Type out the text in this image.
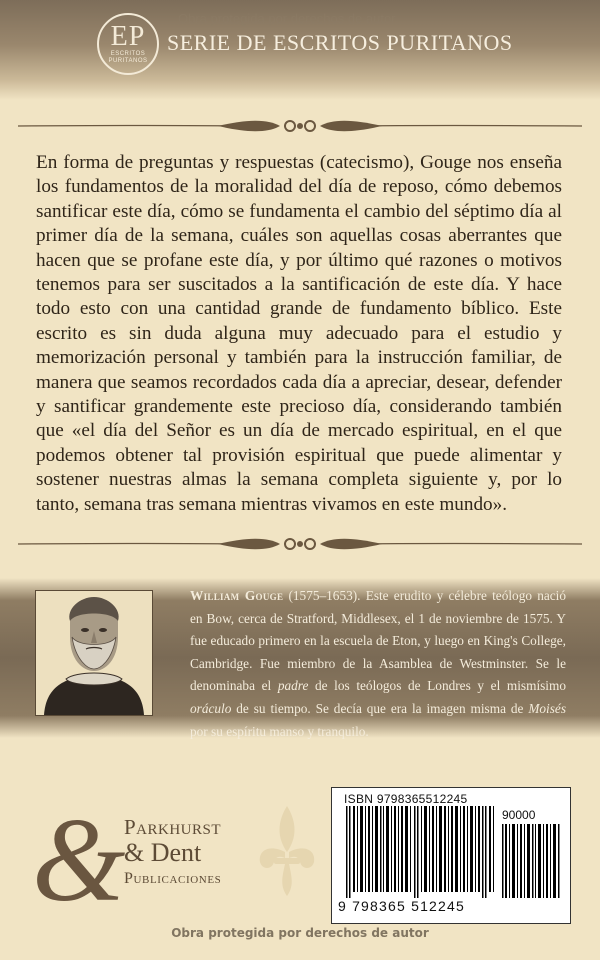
Obra protegida por derechos de autor
EP
ESCRITOS
PURITANOS
SERIE DE ESCRITOS PURITANOS

En forma de preguntas y respuestas (catecismo), Gouge nos enseña los fundamentos de la moralidad del día de reposo, cómo debemos santificar este día, cómo se fundamenta el cambio del séptimo día al primer día de la semana, cuáles son aquellas cosas aberrantes que hacen que se profane este día, y por último qué razones o motivos tenemos para ser suscitados a la santificación de este día. Y hace todo esto con una cantidad grande de fundamento bíblico. Este escrito es sin duda alguna muy adecuado para el estudio y memorización personal y también para la instrucción familiar, de manera que seamos recordados cada día a apreciar, desear, defender y santificar grandemente este precioso día, considerando también que «el día del Señor es un día de mercado espiritual, en el que podemos obtener tal provisión espiritual que puede alimentar y sostener nuestras almas la semana completa siguiente y, por lo tanto, semana tras semana mientras vivamos en este mundo».

William Gouge (1575–1653). Este erudito y célebre teólogo nació en Bow, cerca de Stratford, Middlesex, el 1 de noviembre de 1575. Y fue educado primero en la escuela de Eton, y luego en King's College, Cambridge. Fue miembro de la Asamblea de Westminster. Se le denominaba el padre de los teólogos de Londres y el mismísimo oráculo de su tiempo. Se decía que era la imagen misma de Moisés por su espíritu manso y tranquilo.

&
Parkhurst
& Dent
Publicaciones
ISBN 9798365512245
90000
9 798365 512245
Obra protegida por derechos de autor
